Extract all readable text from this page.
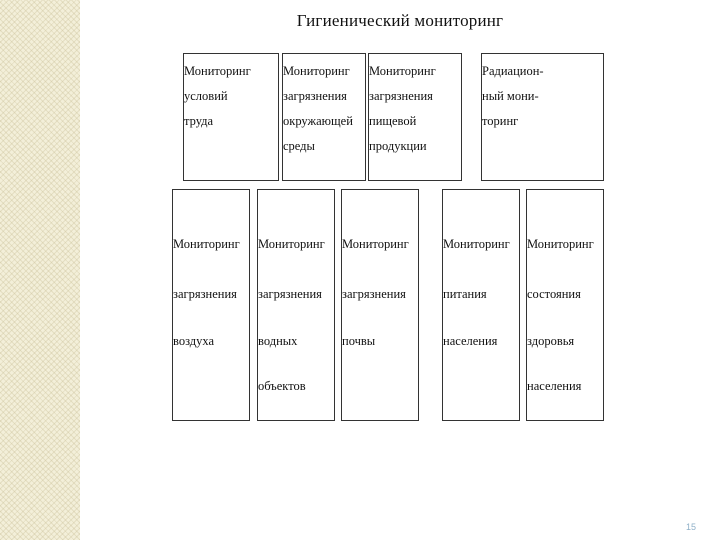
Гигиенический мониторинг
Мониторинг
условий
труда
Мониторинг
загрязнения
окружающей
среды
Мониторинг
загрязнения
пищевой
продукции
Радиацион-
ный мони-
торинг
Мониторинг
загрязнения
воздуха
Мониторинг
загрязнения
водных
объектов
Мониторинг
загрязнения
почвы
Мониторинг
питания
населения
Мониторинг
состояния
здоровья
населения
15
